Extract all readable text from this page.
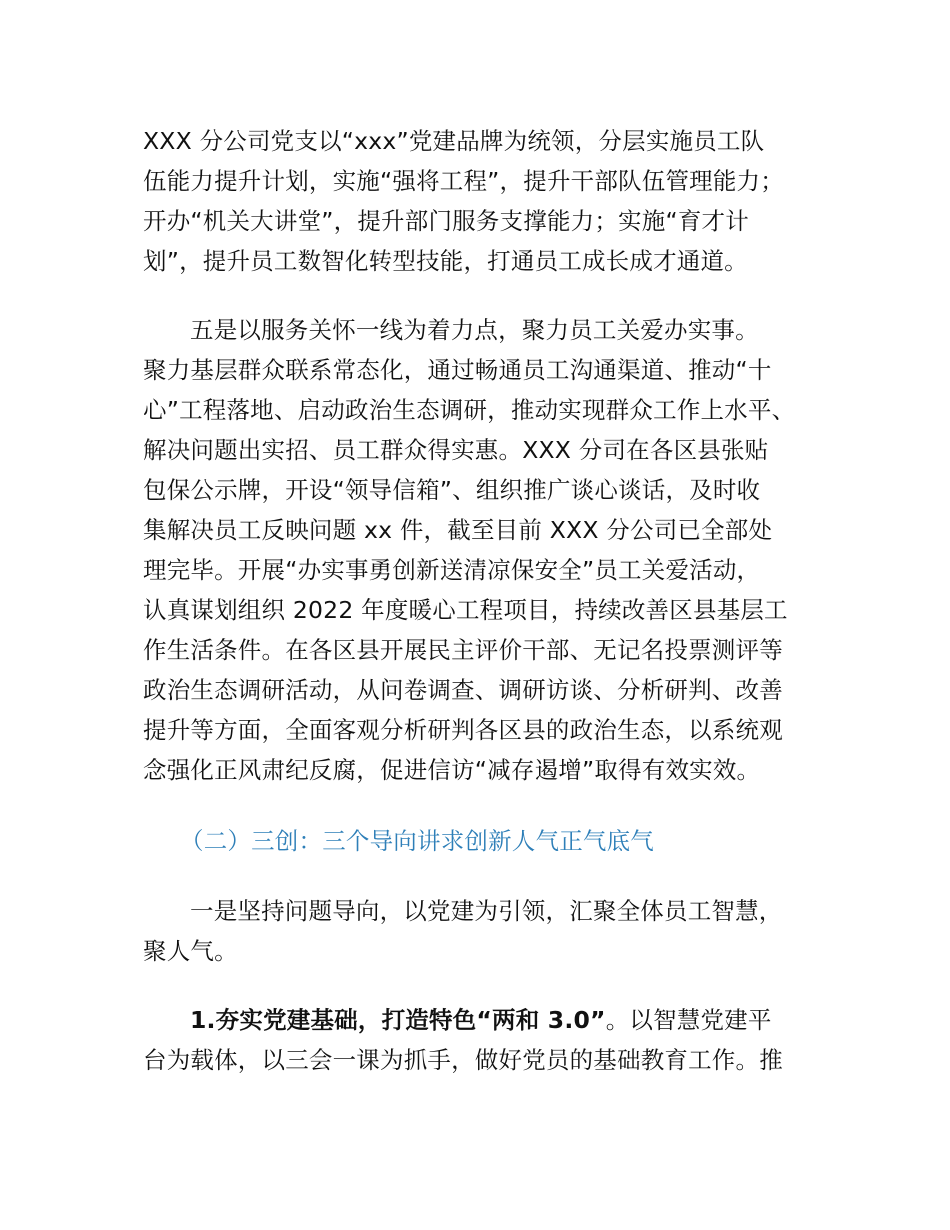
XXX 分公司党支以“xxx”党建品牌为统领，分层实施员工队
伍能力提升计划，实施“强将工程”，提升干部队伍管理能力；
开办“机关大讲堂”，提升部门服务支撑能力；实施“育才计
划”，提升员工数智化转型技能，打通员工成长成才通道。
五是以服务关怀一线为着力点，聚力员工关爱办实事。
聚力基层群众联系常态化，通过畅通员工沟通渠道、推动“十
心”工程落地、启动政治生态调研，推动实现群众工作上水平、
解决问题出实招、员工群众得实惠。XXX 分司在各区县张贴
包保公示牌，开设“领导信箱”、组织推广谈心谈话，及时收
集解决员工反映问题 xx 件，截至目前 XXX 分公司已全部处
理完毕。开展“办实事勇创新送清凉保安全”员工关爱活动，
认真谋划组织 2022 年度暖心工程项目，持续改善区县基层工
作生活条件。在各区县开展民主评价干部、无记名投票测评等
政治生态调研活动，从问卷调查、调研访谈、分析研判、改善
提升等方面，全面客观分析研判各区县的政治生态，以系统观
念强化正风肃纪反腐，促进信访“减存遏增”取得有效实效。
（二）三创：三个导向讲求创新人气正气底气
一是坚持问题导向，以党建为引领，汇聚全体员工智慧，
聚人气。
1.夯实党建基础，打造特色“两和 3.0”。以智慧党建平
台为载体，以三会一课为抓手，做好党员的基础教育工作。推
